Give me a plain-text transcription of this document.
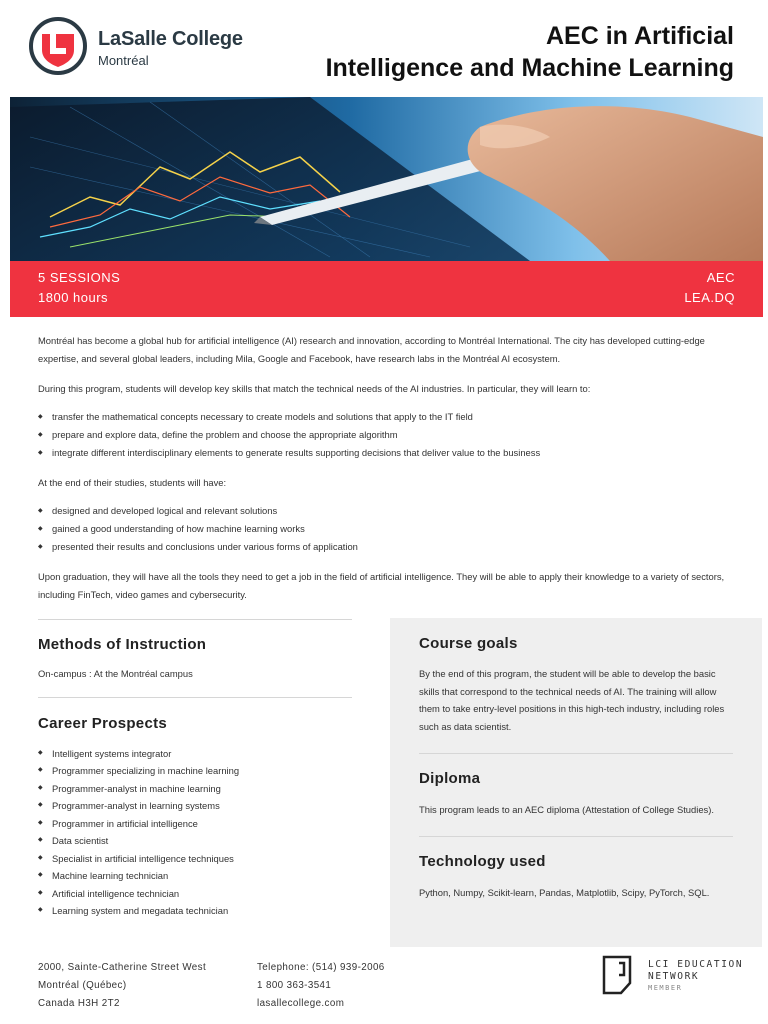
LaSalle College
Montréal
AEC in Artificial
Intelligence and Machine Learning
5 SESSIONS
1800 hours
AEC
LEA.DQ

Montréal has become a global hub for artificial intelligence (AI) research and innovation, according to Montréal International. The city has developed cutting-edge expertise, and several global leaders, including Mila, Google and Facebook, have research labs in the Montréal AI ecosystem.

During this program, students will develop key skills that match the technical needs of the AI industries. In particular, they will learn to:

◆ transfer the mathematical concepts necessary to create models and solutions that apply to the IT field
◆ prepare and explore data, define the problem and choose the appropriate algorithm
◆ integrate different interdisciplinary elements to generate results supporting decisions that deliver value to the business

At the end of their studies, students will have:

◆ designed and developed logical and relevant solutions
◆ gained a good understanding of how machine learning works
◆ presented their results and conclusions under various forms of application

Upon graduation, they will have all the tools they need to get a job in the field of artificial intelligence. They will be able to apply their knowledge to a variety of sectors, including FinTech, video games and cybersecurity.

Methods of Instruction
On-campus : At the Montréal campus
Career Prospects
◆ Intelligent systems integrator
◆ Programmer specializing in machine learning
◆ Programmer-analyst in machine learning
◆ Programmer-analyst in learning systems
◆ Programmer in artificial intelligence
◆ Data scientist
◆ Specialist in artificial intelligence techniques
◆ Machine learning technician
◆ Artificial intelligence technician
◆ Learning system and megadata technician
Course goals
By the end of this program, the student will be able to develop the basic skills that correspond to the technical needs of AI. The training will allow them to take entry-level positions in this high-tech industry, including roles such as data scientist.
Diploma
This program leads to an AEC diploma (Attestation of College Studies).
Technology used
Python, Numpy, Scikit-learn, Pandas, Matplotlib, Scipy, PyTorch, SQL.
2000, Sainte-Catherine Street West
Montréal (Québec)
Canada H3H 2T2
Telephone: (514) 939-2006
1 800 363-3541
lasallecollege.com
LCI EDUCATION
NETWORK
MEMBER
